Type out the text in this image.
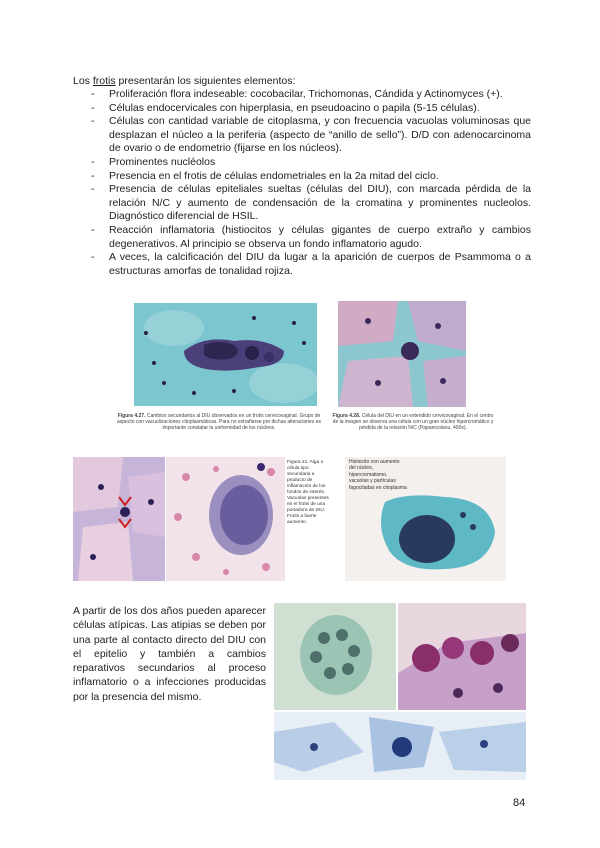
Los frotis presentarán los siguientes elementos:
- Proliferación flora indeseable: cocobacilar, Trichomonas, Cándida y Actinomyces (+).
- Células endocervicales con hiperplasia, en pseudoacino o papila (5-15 células).
- Células con cantidad variable de citoplasma, y con frecuencia vacuolas voluminosas que desplazan el núcleo a la periferia (aspecto de “anillo de sello”). D/D con adenocarcinoma de ovario o de endometrio (fijarse en los núcleos).
- Prominentes nucléolos
- Presencia en el frotis de células endometriales en la 2a mitad del ciclo.
- Presencia de células epiteliales sueltas (células del DIU), con marcada pérdida de la relación N/C y aumento de condensación de la cromatina y prominentes nucleolos. Diagnóstico diferencial de HSIL.
- Reacción inflamatoria (histiocitos y células gigantes de cuerpo extraño y cambios degenerativos. Al principio se observa un fondo inflamatorio agudo.
- A veces, la calcificación del DIU da lugar a la aparición de cuerpos de Psammoma o a estructuras amorfas de tonalidad rojiza.
Figura 4.27. Cambios secundarios al DIU observados en un frotis cervicovaginal. Grupo de aspecto con vacuolizaciones citoplasmáticas. Para no extrañarse por dichas alteraciones es importante constatar la uniformidad de los núcleos.
Figura 4.28. Célula del DIU en un extendido cervicovaginal. En el centro de la imagen se observa una célula con un gran núcleo hipercromático y pérdida de la relación N/C (Papanicolaou, 400x).
Figura 21. Alga o célula tipo secundaria a producto de inflamación de los fondos de interés. Vacuolas presentes en el frotis de una portadora de DIU. Frotis a fuerte aumento.
Histiocito con aumento
del núcleo,
hipercromatismo,
vacuolas y partículas
fagocitadas en citoplasma
A partir de los dos años pueden aparecer células atípicas. Las atipias se deben por una parte al contacto directo del DIU con el epitelio y también a cambios reparativos secundarios al proceso inflamatorio o a infecciones producidas por la presencia del mismo.
84
